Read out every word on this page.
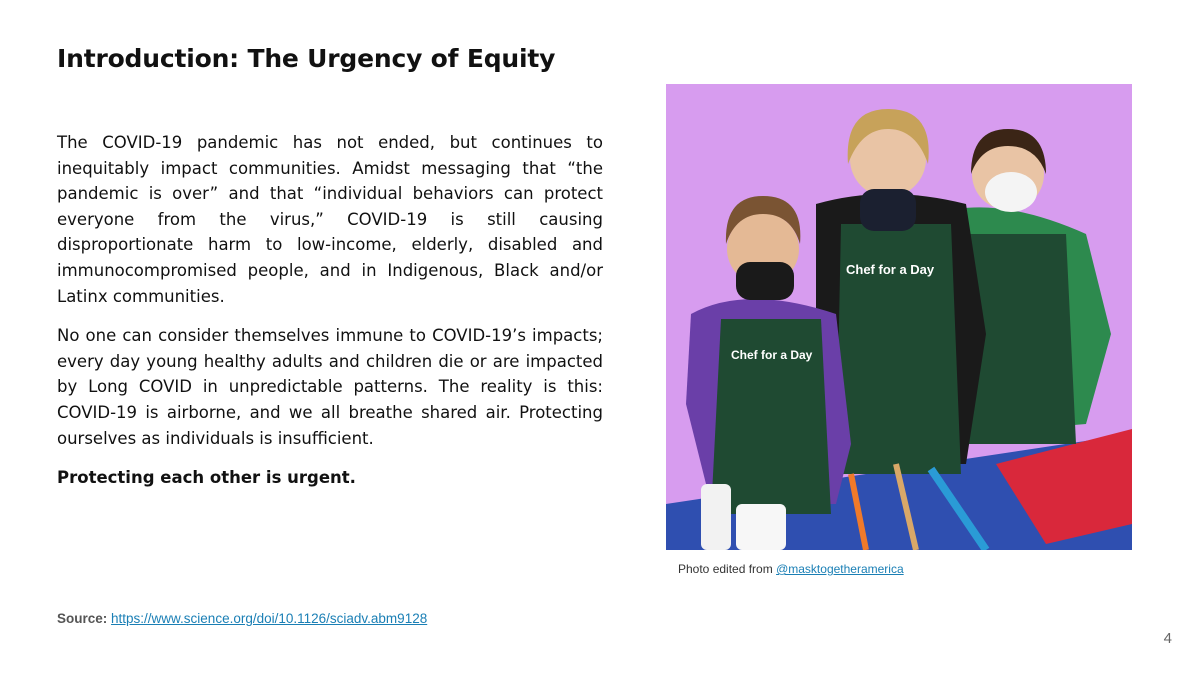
Introduction: The Urgency of Equity

The COVID-19 pandemic has not ended, but continues to inequitably impact communities. Amidst messaging that “the pandemic is over” and that “individual behaviors can protect everyone from the virus,” COVID-19 is still causing disproportionate harm to low-income, elderly, disabled and immunocompromised people, and in Indigenous, Black and/or Latinx communities.

No one can consider themselves immune to COVID-19’s impacts; every day young healthy adults and children die or are impacted by Long COVID in unpredictable patterns. The reality is this: COVID-19 is airborne, and we all breathe shared air. Protecting ourselves as individuals is insufficient.

Protecting each other is urgent.

Source: https://www.science.org/doi/10.1126/sciadv.abm9128
Chef for a Day
Chef for a Day
Photo edited from @masktogetheramerica
4
